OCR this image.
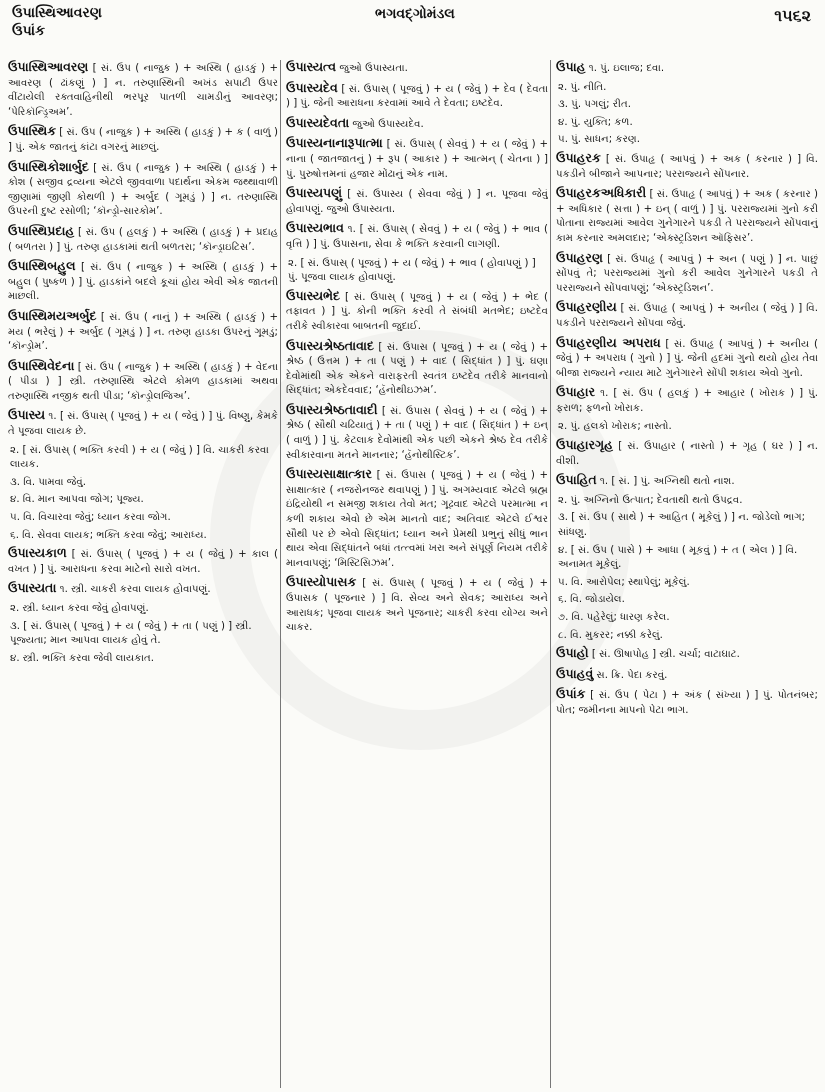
ઉપાસ્થિઆવરણ
ઉપાંક
ભગવદ્ગોમંડલ	૧૫૬૨

ઉપાસ્થિઆવરણ [ સં. ઉપ ( નાજુક ) + અસ્થિ ( હાડકું ) + આવરણ ( ઢાંકણું ) ] ન. તરુણાસ્થિની અખંડ સપાટી ઉપર વીંટાયેલી રક્તવાહિનીથી ભરપૂર પાતળી ચામડીનું આવરણ; ‘પેરિકૉન્ડ્રિઅમ’.

ઉપાસ્થિક [ સં. ઉપ ( નાજુક ) + અસ્થિ ( હાડકું ) + ક ( વાળું ) ] પું. એક જાતનું કાંટા વગરનું માછલું.

ઉપાસ્થિકોશાર્બુદ [ સં. ઉપ ( નાજુક ) + અસ્થિ ( હાડકું ) + કોશ ( સજીવ દ્રવ્યના એટલે જીવવાળા પદાર્થના એકમ જથ્થાવાળી જીણામાં જીણી કોથળી ) + અર્બુદ ( ગૂમડું ) ] ન. તરુણાસ્થિ ઉપરની દુષ્ટ રસોળી; ‘કૉન્ડ્રો-સારકોમ’.

ઉપાસ્થિપ્રદાહ [ સં. ઉપ ( હલકું ) + અસ્થિ ( હાડકું ) + પ્રદાહ ( બળતરા ) ] પું. તરુણ હાડકામાં થતી બળતરા; ‘કૉન્ડ્રાઇટિસ’.

ઉપાસ્થિબહુલ [ સં. ઉપ ( નાજુક ) + અસ્થિ ( હાડકું ) + બહુલ ( પુષ્કળ ) ] પું. હાડકાંને બદલે કૂચાં હોય એવી એક જાતની માછલી.

ઉપાસ્થિમયઅર્બુદ [ સં. ઉપ ( નાનું ) + અસ્થિ ( હાડકું ) + મય ( ભરેલું ) + અર્બુદ ( ગૂમડું ) ] ન. તરુણ હાડકા ઉપરનું ગૂમડું; ‘કૉન્ડ્રોમ’.

ઉપાસ્થિવેદના [ સં. ઉપ ( નાજુક ) + અસ્થિ ( હાડકું ) + વેદના ( પીડા ) ] સ્ત્રી. તરુણાસ્થિ એટલે કોમળ હાડકામાં અથવા તરુણાસ્થિ નજીક થતી પીડા; ‘કૉન્ડ્રોલજિઅ’.

ઉપાસ્ય ૧. [ સં. ઉપાસ્ ( પૂજવું ) + ય ( જેવું ) ] પું. વિષ્ણુ, કેમકે તે પૂજવા લાયક છે.

૨. [ સં. ઉપાસ્ ( ભક્તિ કરવી ) + ય ( જેવું ) ] વિ. ચાકરી કરવા લાયક.

૩. વિ. પામવા જેવું.

૪. વિ. માન આપવા જોગ; પૂજ્ય.

૫. વિ. વિચારવા જેવું; ધ્યાન કરવા જોગ.

૬. વિ. સેવવા લાયક; ભક્તિ કરવા જેવું; આરાધ્ય.

ઉપાસ્યકાળ [ સં. ઉપાસ્ ( પૂજવું ) + ય ( જેવું ) + કાલ ( વખત ) ] પું. આરાધના કરવા માટેનો સારો વખત.

ઉપાસ્યતા ૧. સ્ત્રી. ચાકરી કરવા લાયક હોવાપણું.

૨. સ્ત્રી. ધ્યાન કરવા જેવું હોવાપણું.

૩. [ સં. ઉપાસ્ ( પૂજવું ) + ય ( જેવું ) + તા ( પણું ) ] સ્ત્રી. પૂજ્યતા; માન આપવા લાયક હોવું તે.

૪. સ્ત્રી. ભક્તિ કરવા જેવી લાયકાત.

ઉપાસ્યત્વ જુઓ ઉપાસ્યતા.

ઉપાસ્યદેવ [ સં. ઉપાસ્ ( પૂજવું ) + ય ( જેવું ) + દેવ ( દેવતા ) ] પું. જેની આરાધના કરવામાં આવે તે દેવતા; ઇષ્ટદેવ.

ઉપાસ્યદેવતા જુઓ ઉપાસ્યદેવ.

ઉપાસ્યનાનારૂપાત્મા [ સં. ઉપાસ્ ( સેવવું ) + ય ( જેવું ) + નાના ( જાતજાતનું ) + રૂપ ( આકાર ) + આત્મન્ ( ચેતના ) ] પું. પુરુષોત્તમનાં હજાર મોંઢાનું એક નામ.

ઉપાસ્યપણું [ સં. ઉપાસ્ય ( સેવવા જેવું ) ] ન. પૂજવા જેવું હોવાપણું. જુઓ ઉપાસ્યતા.

ઉપાસ્યભાવ ૧. [ સં. ઉપાસ્ ( સેવવું ) + ય ( જેવું ) + ભાવ ( વૃત્તિ ) ] પું. ઉપાસના, સેવા કે ભક્તિ કરવાની લાગણી.

૨. [ સં. ઉપાસ્ ( પૂજવું ) + ય ( જેવું ) + ભાવ ( હોવાપણું ) ] પું. પૂજવા લાયક હોવાપણું.

ઉપાસ્યભેદ [ સં. ઉપાસ્ ( પૂજવું ) + ય ( જેવું ) + ભેદ ( તફાવત ) ] પું. કોની ભક્તિ કરવી તે સંબંધી મતભેદ; ઇષ્ટદેવ તરીકે સ્વીકારવા બાબતની જુદાઈ.

ઉપાસ્યશ્રેષ્ઠતાવાદ [ સં. ઉપાસ ( પૂજવું ) + ય ( જેવું ) + શ્રેષ્ઠ ( ઉત્તમ ) + તા ( પણું ) + વાદ ( સિદ્ધાંત ) ] પું. ઘણા દેવોમાંથી એક એકને વારાફરતી સ્વતંત્ર ઇષ્ટદેવ તરીકે માનવાનો સિદ્ધાંત; એકદેવવાદ; ‘હૅનોથીઇઝમ’.

ઉપાસ્યશ્રેષ્ઠતાવાદી [ સં. ઉપાસ ( સેવવું ) + ય ( જેવું ) + શ્રેષ્ઠ ( સૌથી ચઢિયાતું ) + તા ( પણું ) + વાદ ( સિદ્ધાંત ) + ઇન્ ( વાળું ) ] પું. કેટલાક દેવોમાંથી એક પછી એકને શ્રેષ્ઠ દેવ તરીકે સ્વીકારવાના મતને માનનાર; ‘હૅનોથીસ્ટિક’.

ઉપાસ્યસાક્ષાત્કાર [ સં. ઉપાસ ( પૂજવું ) + ય ( જેવું ) + સાક્ષાત્કાર ( નજરોનજર થવાપણું ) ] પું. અગમ્યવાદ એટલે બ્રહ્મ ઇંદ્રિયોથી ન સમજી શકાય તેવો મત; ગૂઢવાદ એટલે પરમાત્મા ન કળી શકાય એવો છે એમ માનતો વાદ; અતિવાદ એટલે ઈશ્વર સૌથી પર છે એવો સિદ્ધાંત; ધ્યાન અને પ્રેમથી પ્રભુનું સીધું ભાન થાય એવા સિદ્ધાંતને બધાં તત્ત્વમાં ખરા અને સંપૂર્ણ નિયમ તરીકે માનવાપણું; ‘મિસ્ટિસિઝમ’.

ઉપાસ્યોપાસક [ સં. ઉપાસ્ ( પૂજવું ) + ય ( જેવું ) + ઉપાસક ( પૂજનાર ) ] વિ. સેવ્ય અને સેવક; આરાધ્ય અને આરાધક; પૂજવા લાયક અને પૂજનાર; ચાકરી કરવા યોગ્ય અને ચાકર.

ઉપાહ ૧. પું. ઇલાજ; દવા.

૨. પું. નીતિ.

૩. પું. પગલું; રીત.

૪. પું. યુક્તિ; કળ.

૫. પું. સાધન; કરણ.

ઉપાહરક [ સં. ઉપાહૃ ( આપવું ) + અક ( કરનાર ) ] વિ. પકડીને બીજાને આપનાર; પરરાજ્યને સોંપનાર.

ઉપાહરકઅધિકારી [ સં. ઉપાહૃ ( આપવું ) + અક ( કરનાર ) + અધિકાર ( સત્તા ) + ઇન્ ( વાળું ) ] પું. પરરાજ્યમાં ગુનો કરી પોતાના રાજ્યમાં આવેલ ગુનેગારને પકડી તે પરરાજ્યને સોંપવાનું કામ કરનાર અમલદાર; ‘એક્સ્ટ્રડિશન ઑફિસર’.

ઉપાહરણ [ સં. ઉપાહૃ ( આપવું ) + અન ( પણું ) ] ન. પાછું સોંપવું તે; પરરાજ્યમાં ગુનો કરી આવેલ ગુનેગારને પકડી તે પરરાજ્યને સોંપવાપણું; ‘એક્સ્ટ્રડિશન’.

ઉપાહરણીય [ સં. ઉપાહૃ ( આપવું ) + અનીય ( જેવું ) ] વિ. પકડીને પરરાજ્યને સોંપવા જેવું.

ઉપાહરણીય અપરાધ [ સં. ઉપાહૃ ( આપવું ) + અનીય ( જેવું ) + અપરાધ ( ગુનો ) ] પું. જેની હદમાં ગુનો થયો હોય તેવા બીજા રાજ્યને ન્યાય માટે ગુનેગારને સોંપી શકાય એવો ગુનો.

ઉપાહાર ૧. [ સં. ઉપ ( હલકું ) + આહાર ( ખોરાક ) ] પું. ફરાળ; ફળનો ખોરાક.

૨. પું. હલકો ખોરાક; નાસ્તો.

ઉપાહારગૃહ [ સં. ઉપાહાર ( નાસ્તો ) + ગૃહ ( ઘર ) ] ન. વીશી.

ઉપાહિત ૧. [ સં. ] પું. અગ્નિથી થતો નાશ.

૨. પું. અગ્નિનો ઉત્પાત; દેવતાથી થતો ઉપદ્રવ.

૩. [ સં. ઉપ ( સાથે ) + આહિત ( મૂકેલું ) ] ન. જોડેલો ભાગ; સાંધણુ.

૪. [ સં. ઉપ ( પાસે ) + આધા ( મૂકવું ) + ત ( એલ ) ] વિ. અનામત મૂકેલું.

૫. વિ. આરોપેલ; સ્થાપેલું; મૂકેલું.

૬. વિ. જોડાયેલ.

૭. વિ. પહેરેલું; ધારણ કરેલ.

૮. વિ. મુકરર; નક્કી કરેલું.

ઉપાહો [ સં. ઊષાપોહ ] સ્ત્રી. ચર્ચા; વાટાઘાટ.

ઉપાહવું સ. ક્રિ. પેદા કરવું.

ઉપાંક [ સં. ઉપ ( પેટા ) + અંક ( સંખ્યા ) ] પું. પોતનંબર; પોત; જમીનના માપનો પેટા ભાગ.
